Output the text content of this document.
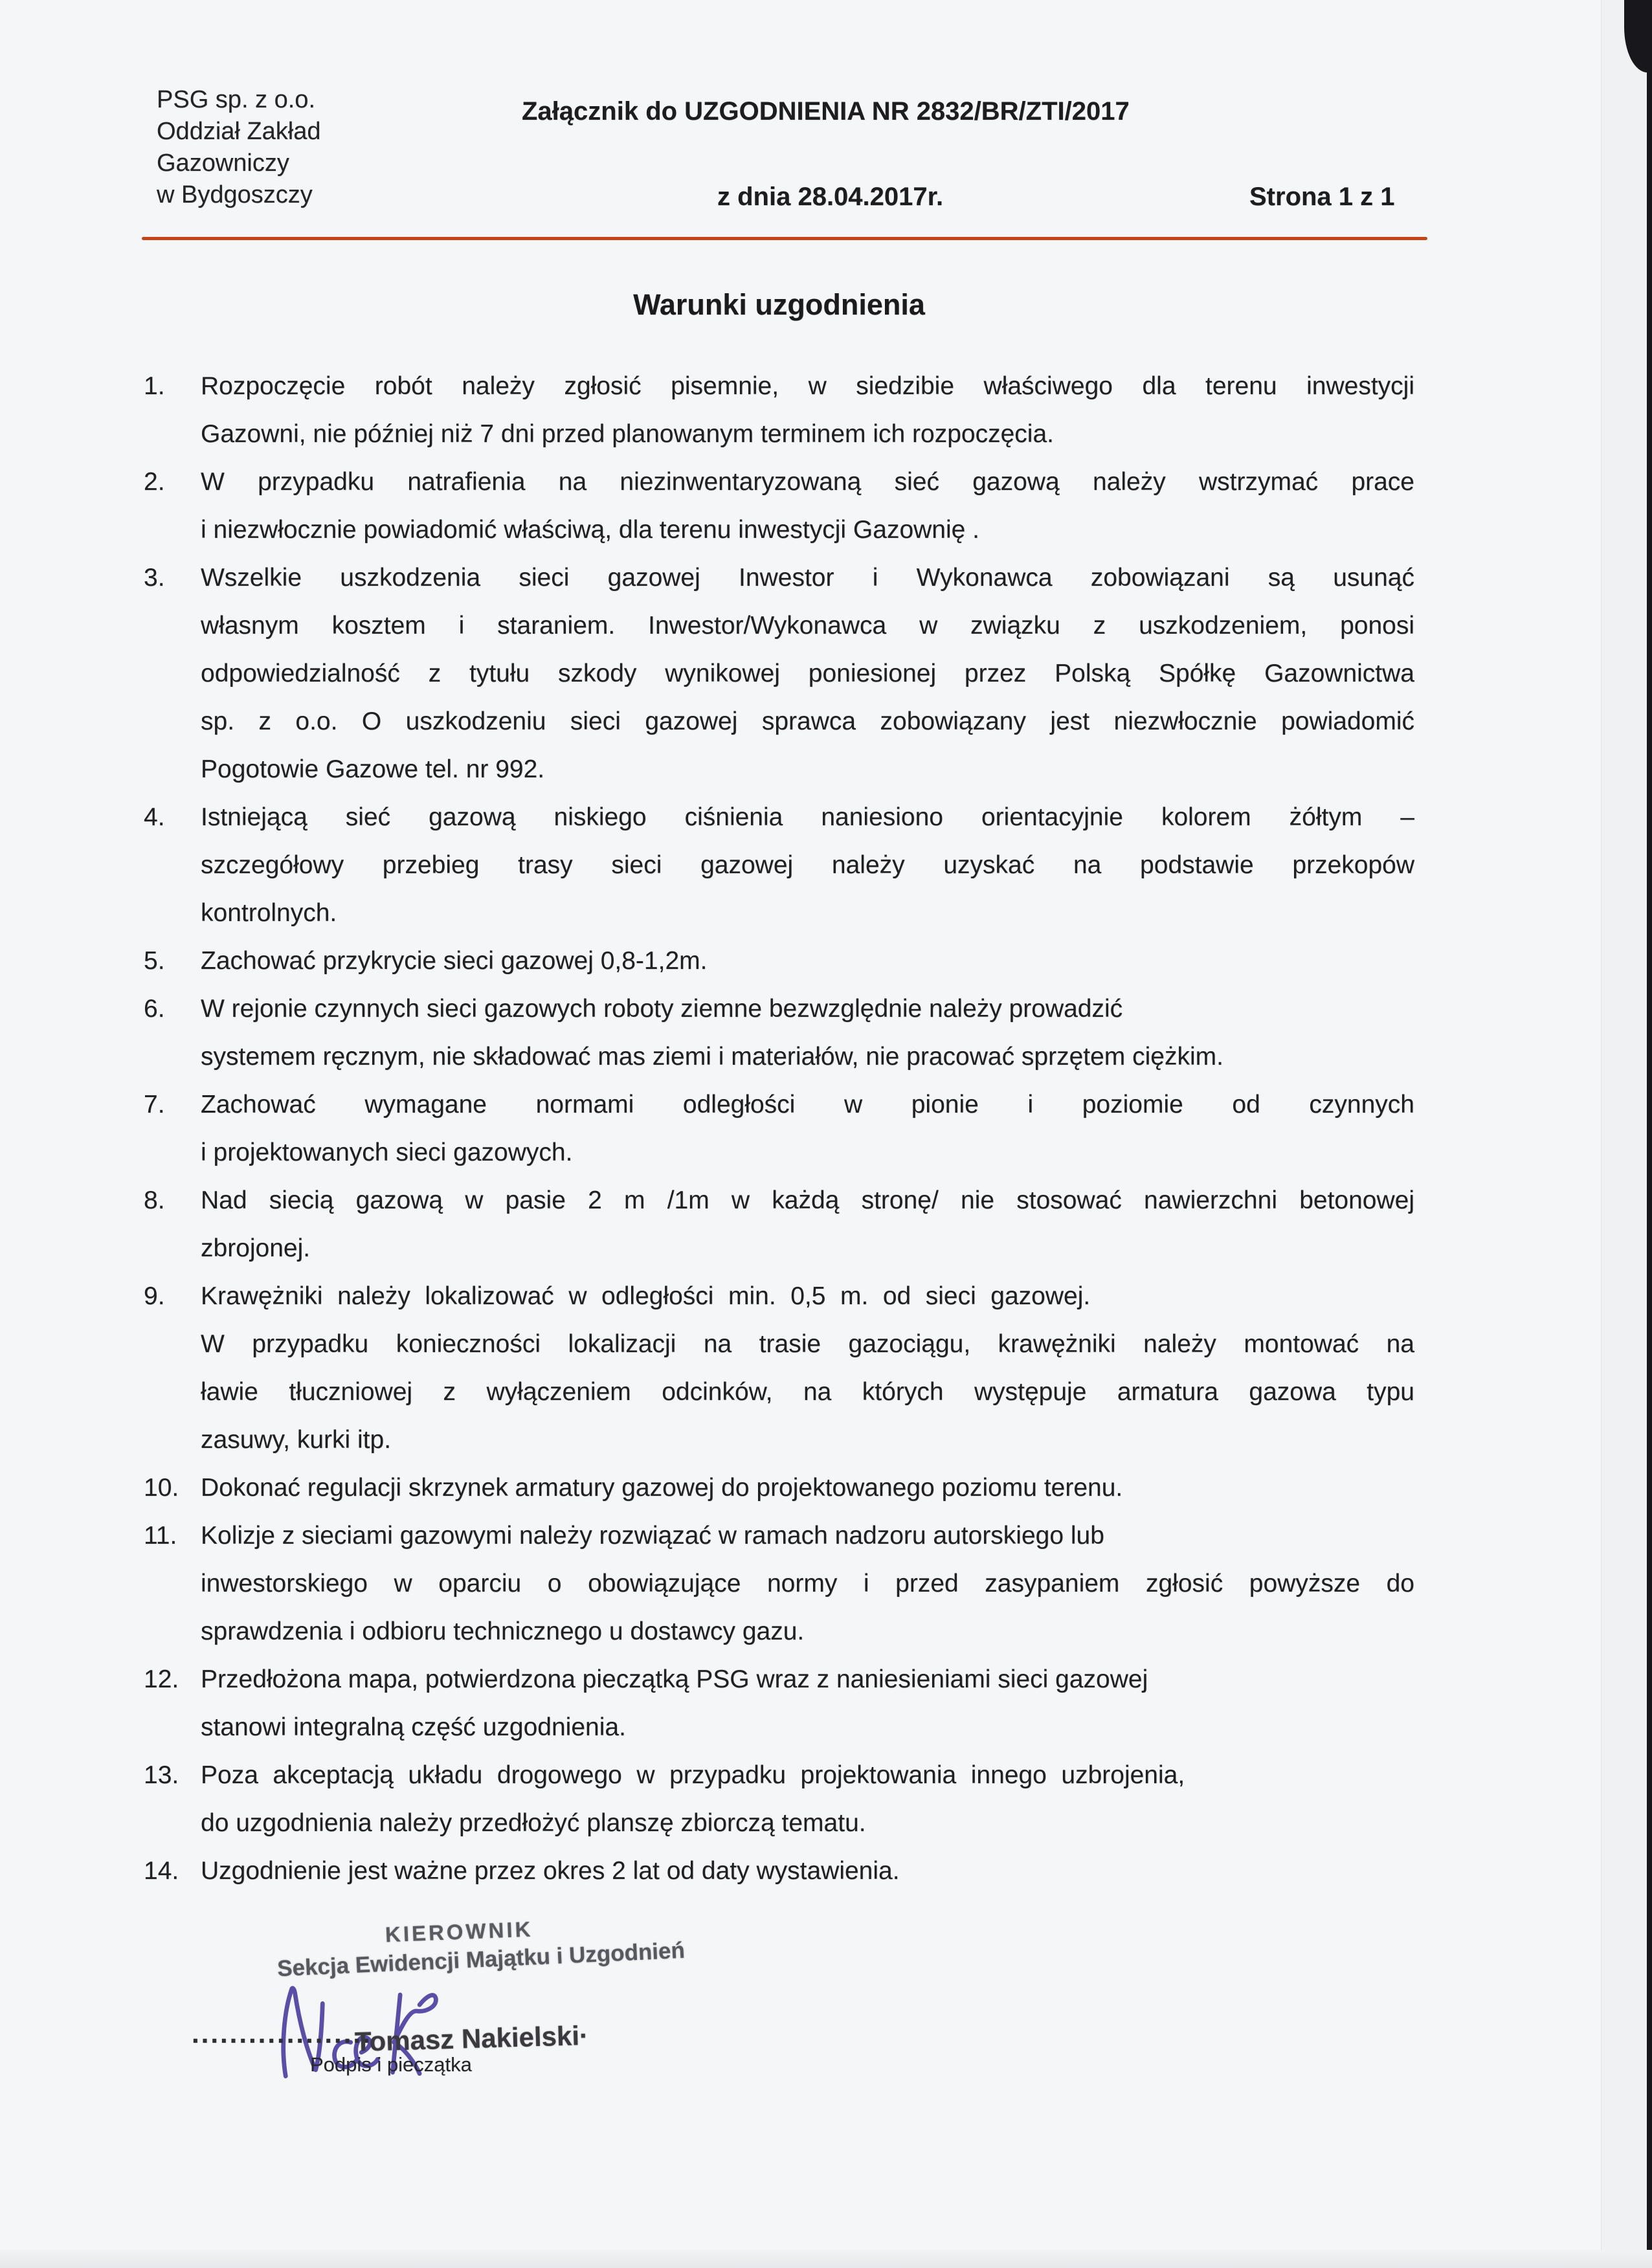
PSG sp. z o.o.
Oddział Zakład
Gazowniczy
w Bydgoszczy
Załącznik do UZGODNIENIA NR 2832/BR/ZTI/2017
z dnia 28.04.2017r.	Strona 1 z 1
Warunki uzgodnienia
1.	Rozpoczęcie robót należy zgłosić pisemnie, w siedzibie właściwego dla terenu inwestycji
Gazowni, nie później niż 7 dni przed planowanym terminem ich rozpoczęcia.
2.	W przypadku natrafienia na niezinwentaryzowaną sieć gazową należy wstrzymać prace
i niezwłocznie powiadomić właściwą, dla terenu inwestycji Gazownię .
3.	Wszelkie uszkodzenia sieci gazowej Inwestor i Wykonawca zobowiązani są usunąć
własnym kosztem i staraniem. Inwestor/Wykonawca w związku z uszkodzeniem, ponosi
odpowiedzialność z tytułu szkody wynikowej poniesionej przez Polską Spółkę Gazownictwa
sp. z o.o. O uszkodzeniu sieci gazowej sprawca zobowiązany jest niezwłocznie powiadomić
Pogotowie Gazowe tel. nr 992.
4.	Istniejącą sieć gazową niskiego ciśnienia naniesiono orientacyjnie kolorem żółtym –
szczegółowy przebieg trasy sieci gazowej należy uzyskać na podstawie przekopów
kontrolnych.
5.	Zachować przykrycie sieci gazowej 0,8-1,2m.
6.	W rejonie czynnych sieci gazowych roboty ziemne bezwzględnie należy prowadzić
systemem ręcznym, nie składować mas ziemi i materiałów, nie pracować sprzętem ciężkim.
7.	Zachować wymagane normami odległości w pionie i poziomie od czynnych
i projektowanych sieci gazowych.
8.	Nad siecią gazową w pasie 2 m /1m w każdą stronę/ nie stosować nawierzchni betonowej
zbrojonej.
9.	Krawężniki należy lokalizować w odległości min. 0,5 m. od sieci gazowej.
W przypadku konieczności lokalizacji na trasie gazociągu, krawężniki należy montować na
ławie tłuczniowej z wyłączeniem odcinków, na których występuje armatura gazowa typu
zasuwy, kurki itp.
10. Dokonać regulacji skrzynek armatury gazowej do projektowanego poziomu terenu.
11. Kolizje z sieciami gazowymi należy rozwiązać w ramach nadzoru autorskiego lub
inwestorskiego w oparciu o obowiązujące normy i przed zasypaniem zgłosić powyższe do
sprawdzenia i odbioru technicznego u dostawcy gazu.
12. Przedłożona mapa, potwierdzona pieczątką PSG wraz z naniesieniami sieci gazowej
stanowi integralną część uzgodnienia.
13. Poza akceptacją układu drogowego w przypadku projektowania innego uzbrojenia,
do uzgodnienia należy przedłożyć planszę zbiorczą tematu.
14. Uzgodnienie jest ważne przez okres 2 lat od daty wystawienia.
KIEROWNIK
Sekcja Ewidencji Majątku i Uzgodnień
...................
Tomasz Nakielski·
Podpis i pieczątka
